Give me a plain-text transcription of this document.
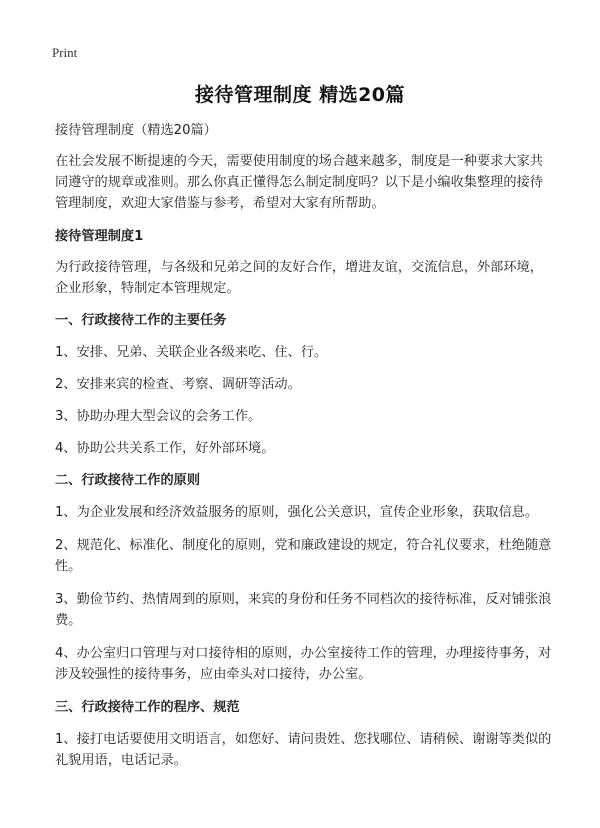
Print
接待管理制度 精选20篇

接待管理制度（精选20篇）

在社会发展不断提速的今天，需要使用制度的场合越来越多，制度是一种要求大家共同遵守的规章或准则。那么你真正懂得怎么制定制度吗？以下是小编收集整理的接待管理制度，欢迎大家借鉴与参考，希望对大家有所帮助。

接待管理制度1

为行政接待管理，与各级和兄弟之间的友好合作，增进友谊，交流信息，外部环境，企业形象，特制定本管理规定。

一、行政接待工作的主要任务

1、安排、兄弟、关联企业各级来吃、住、行。

2、安排来宾的检查、考察、调研等活动。

3、协助办理大型会议的会务工作。

4、协助公共关系工作，好外部环境。

二、行政接待工作的原则

1、为企业发展和经济效益服务的原则，强化公关意识，宣传企业形象，获取信息。

2、规范化、标准化、制度化的原则，党和廉政建设的规定，符合礼仪要求，杜绝随意性。

3、勤俭节约、热情周到的原则，来宾的身份和任务不同档次的接待标准，反对铺张浪费。

4、办公室归口管理与对口接待相的原则，办公室接待工作的管理，办理接待事务，对涉及较强性的接待事务，应由牵头对口接待，办公室。

三、行政接待工作的程序、规范

1、接打电话要使用文明语言，如您好、请问贵姓、您找哪位、请稍候、谢谢等类似的礼貌用语，电话记录。
